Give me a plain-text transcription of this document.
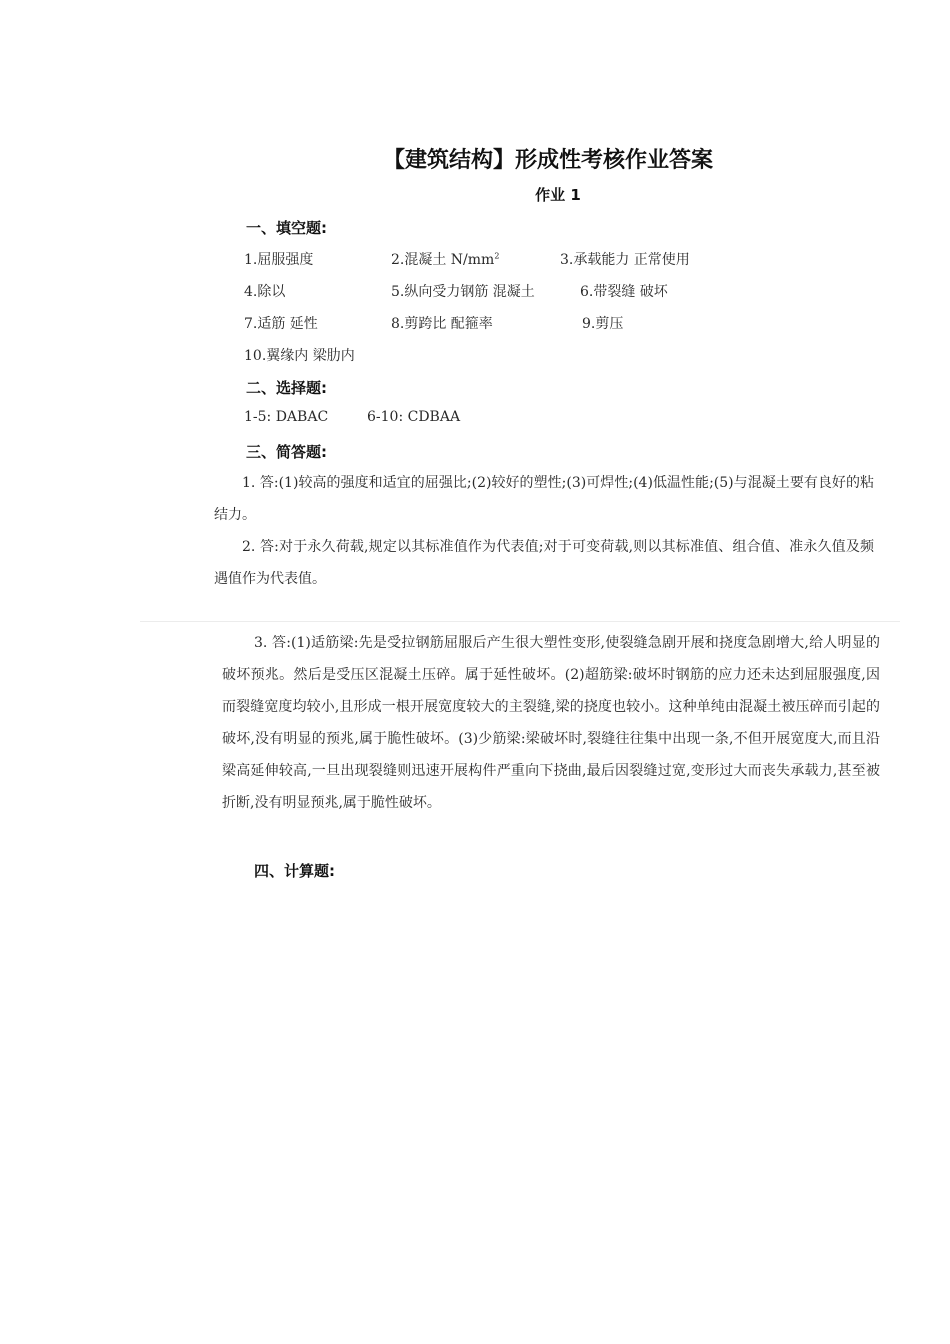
【建筑结构】形成性考核作业答案
作业 1
一、填空题:
1.屈服强度	2.混凝土 $N/mm^2$	3.承载能力 正常使用
4.除以	5.纵向受力钢筋 混凝土	6.带裂缝 破坏
7.适筋 延性	8.剪跨比 配箍率	9.剪压
10.翼缘内 梁肋内
二、选择题:
1-5: DABAC	6-10: CDBAA
三、简答题:
1. 答:(1)较高的强度和适宜的屈强比;(2)较好的塑性;(3)可焊性;(4)低温性能;(5)与混凝土要有良好的粘结力。
2. 答:对于永久荷载,规定以其标准值作为代表值;对于可变荷载,则以其标准值、组合值、准永久值及频遇值作为代表值。
3. 答:(1)适筋梁:先是受拉钢筋屈服后产生很大塑性变形,使裂缝急剧开展和挠度急剧增大,给人明显的破坏预兆。然后是受压区混凝土压碎。属于延性破坏。(2)超筋梁:破坏时钢筋的应力还未达到屈服强度,因而裂缝宽度均较小,且形成一根开展宽度较大的主裂缝,梁的挠度也较小。这种单纯由混凝土被压碎而引起的破坏,没有明显的预兆,属于脆性破坏。(3)少筋梁:梁破坏时,裂缝往往集中出现一条,不但开展宽度大,而且沿梁高延伸较高,一旦出现裂缝则迅速开展构件严重向下挠曲,最后因裂缝过宽,变形过大而丧失承载力,甚至被折断,没有明显预兆,属于脆性破坏。
四、计算题:
